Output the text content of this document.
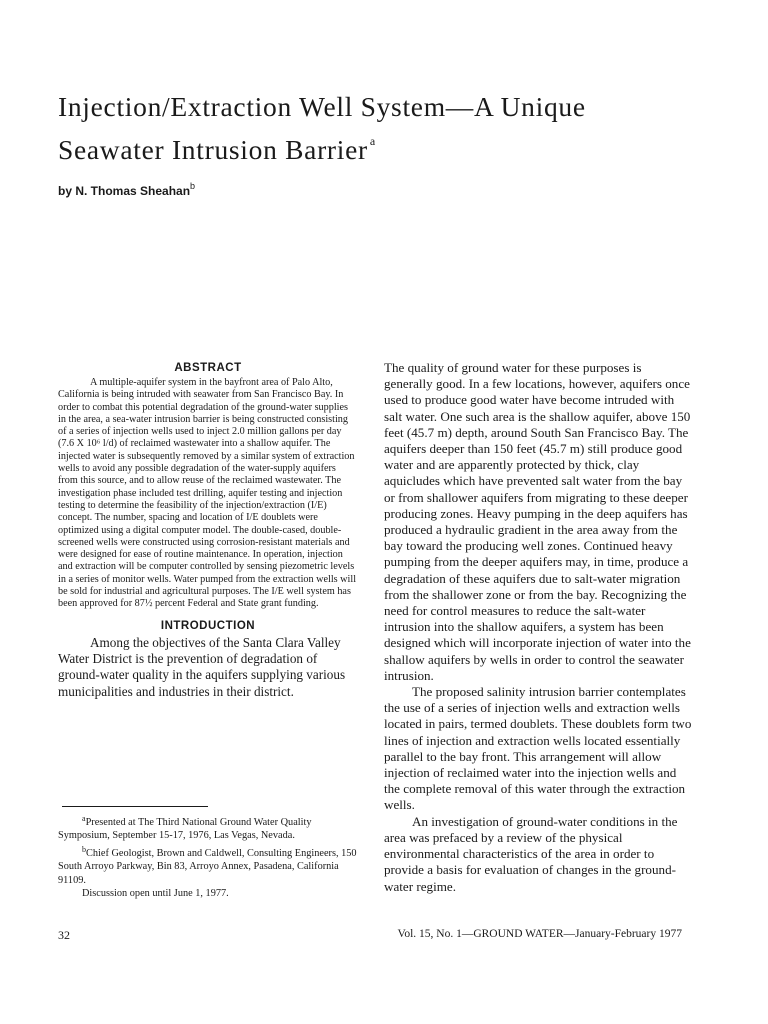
Injection/Extraction Well System—A Unique
Seawater Intrusion Barrier $^a$
by N. Thomas Sheahan$^b$
ABSTRACT

A multiple-aquifer system in the bayfront area of Palo Alto, California is being intruded with seawater from San Francisco Bay. In order to combat this potential degradation of the ground-water supplies in the area, a sea-water intrusion barrier is being constructed consisting of a series of injection wells used to inject 2.0 million gallons per day (7.6 X 10⁶ l/d) of reclaimed wastewater into a shallow aquifer. The injected water is subsequently removed by a similar system of extraction wells to avoid any possible degradation of the water-supply aquifers from this source, and to allow reuse of the reclaimed wastewater. The investigation phase included test drilling, aquifer testing and injection testing to determine the feasibility of the injection/extraction (I/E) concept. The number, spacing and location of I/E doublets were optimized using a digital computer model. The double-cased, double-screened wells were constructed using corrosion-resistant materials and were designed for ease of routine maintenance. In operation, injection and extraction will be computer controlled by sensing piezometric levels in a series of monitor wells. Water pumped from the extraction wells will be sold for industrial and agricultural purposes. The I/E well system has been approved for 87½ percent Federal and State grant funding.

INTRODUCTION

Among the objectives of the Santa Clara Valley Water District is the prevention of degradation of ground-water quality in the aquifers supplying various municipalities and industries in their district.

$^a$Presented at The Third National Ground Water Quality Symposium, September 15-17, 1976, Las Vegas, Nevada.

$^b$Chief Geologist, Brown and Caldwell, Consulting Engineers, 150 South Arroyo Parkway, Bin 83, Arroyo Annex, Pasadena, California 91109.

Discussion open until June 1, 1977.

The quality of ground water for these purposes is generally good. In a few locations, however, aquifers once used to produce good water have become intruded with salt water. One such area is the shallow aquifer, above 150 feet (45.7 m) depth, around South San Francisco Bay. The aquifers deeper than 150 feet (45.7 m) still produce good water and are apparently protected by thick, clay aquicludes which have prevented salt water from the bay or from shallower aquifers from migrating to these deeper producing zones. Heavy pumping in the deep aquifers has produced a hydraulic gradient in the area away from the bay toward the producing well zones. Continued heavy pumping from the deeper aquifers may, in time, produce a degradation of these aquifers due to salt-water migration from the shallower zone or from the bay. Recognizing the need for control measures to reduce the salt-water intrusion into the shallow aquifers, a system has been designed which will incorporate injection of water into the shallow aquifers by wells in order to control the seawater intrusion.

The proposed salinity intrusion barrier contemplates the use of a series of injection wells and extraction wells located in pairs, termed doublets. These doublets form two lines of injection and extraction wells located essentially parallel to the bay front. This arrangement will allow injection of reclaimed water into the injection wells and the complete removal of this water through the extraction wells.

An investigation of ground-water conditions in the area was prefaced by a review of the physical environmental characteristics of the area in order to provide a basis for evaluation of changes in the ground-water regime.

32	Vol. 15, No. 1—GROUND WATER—January-February 1977
